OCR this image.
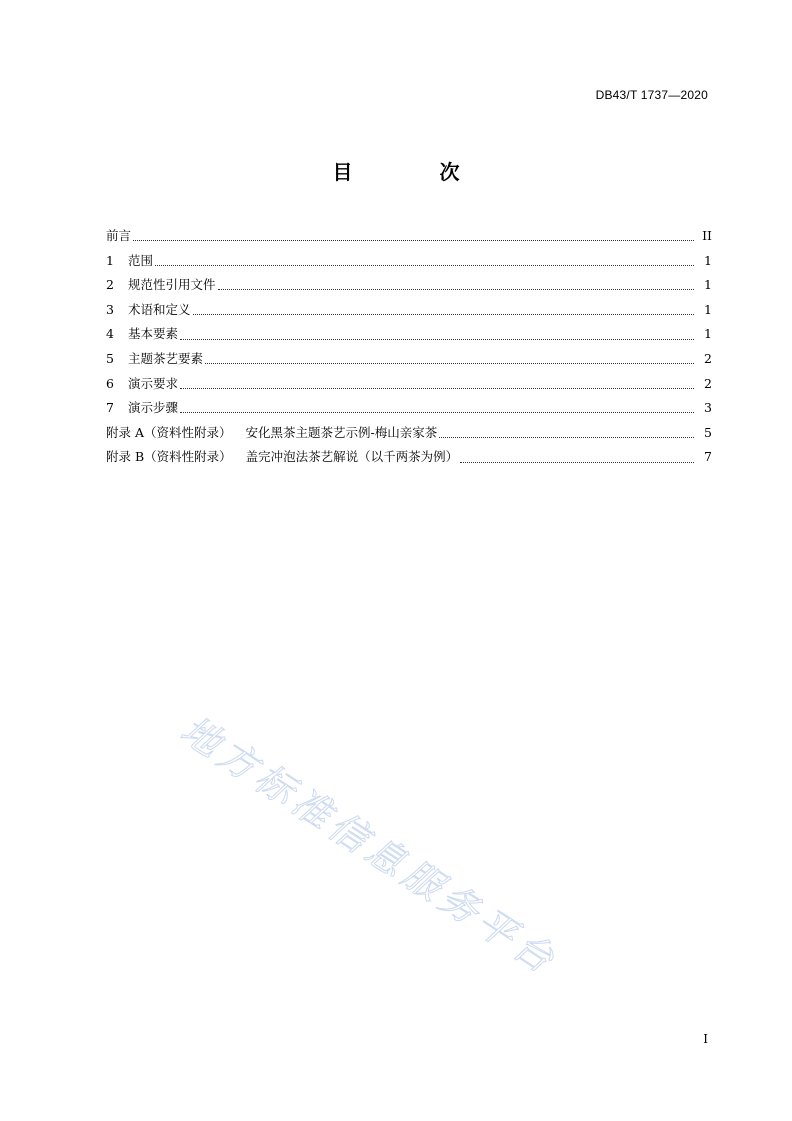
DB43/T 1737—2020
目 次
前言	II
1	范围	1
2	规范性引用文件	1
3	术语和定义	1
4	基本要素	1
5	主题茶艺要素	2
6	演示要求	2
7	演示步骤	3
附录 A（资料性附录）	安化黑茶主题茶艺示例-梅山亲家茶	5
附录 B（资料性附录）	盖完冲泡法茶艺解说（以千两茶为例）	7
地方标准信息服务平台
I
